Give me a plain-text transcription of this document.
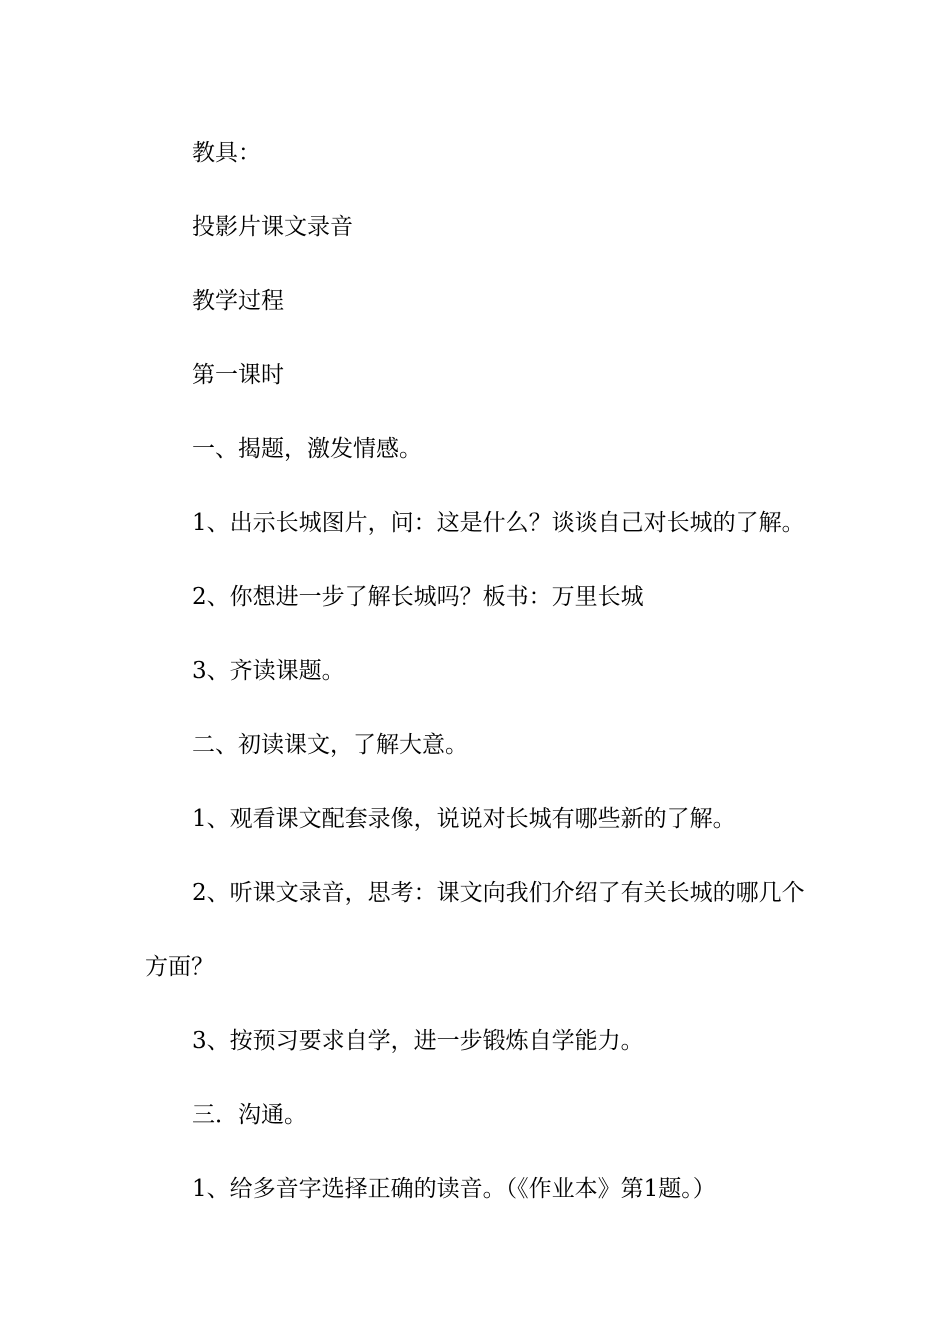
教具：

投影片课文录音

教学过程

第一课时

一、揭题，激发情感。

1、出示长城图片，问：这是什么？谈谈自己对长城的了解。

2、你想进一步了解长城吗？板书：万里长城

3、齐读课题。

二、初读课文，了解大意。

1、观看课文配套录像，说说对长城有哪些新的了解。

2、听课文录音，思考：课文向我们介绍了有关长城的哪几个方面？

3、按预习要求自学，进一步锻炼自学能力。

三．沟通。

1、给多音字选择正确的读音。（《作业本》第1题。）
